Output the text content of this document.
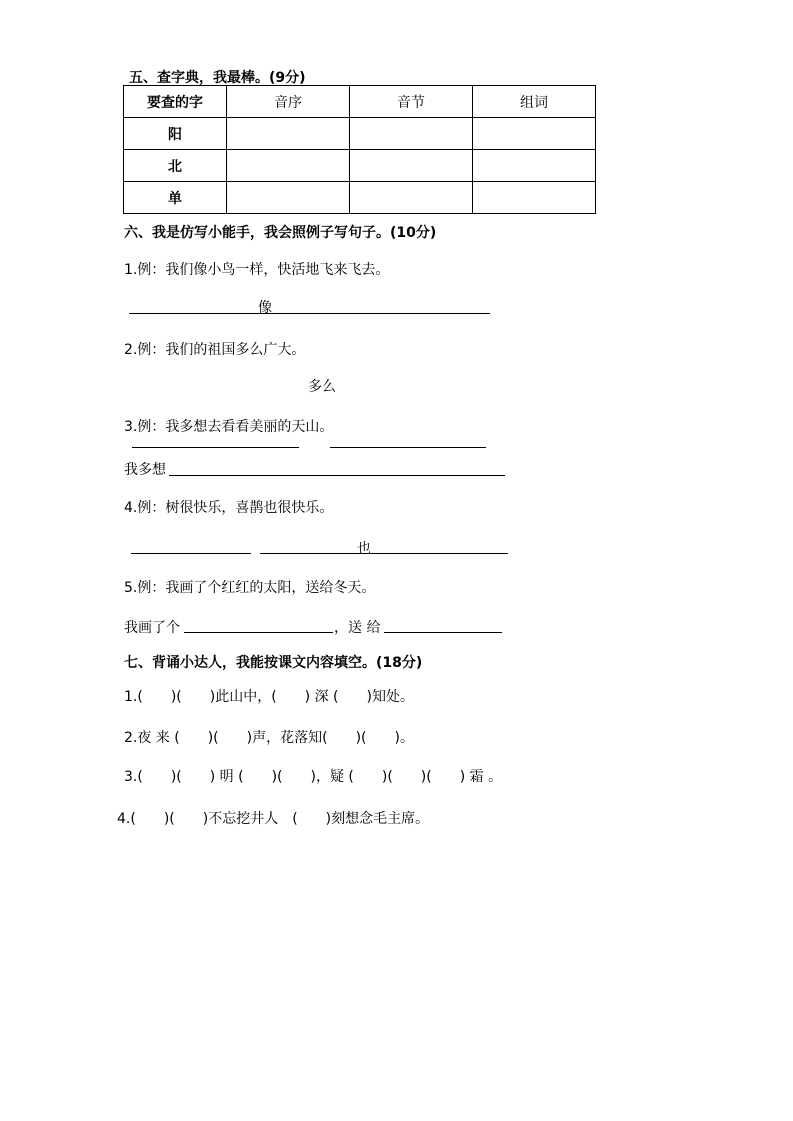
五、查字典，我最棒。(9分)
要查的字	音序	音节	组词
阳			
北			
单			
六、我是仿写小能手，我会照例子写句子。(10分)
1.例：我们像小鸟一样，快活地飞来飞去。
像
2.例：我们的祖国多么广大。
多么
3.例：我多想去看看美丽的天山。
我多想
4.例：树很快乐，喜鹊也很快乐。
也
5.例：我画了个红红的太阳，送给冬天。
我画了个	，送 给
七、背诵小达人，我能按课文内容填空。(18分)
1.(　　)(　　)此山中，(　　) 深 (　　)知处。
2.夜 来 (　　)(　　)声，花落知(　　)(　　)。
3.(　　)(　　) 明 (　　)(　　)，疑 (　　)(　　)(　　) 霜 。
4.(　　)(　　)不忘挖井人　(　　)刻想念毛主席。
